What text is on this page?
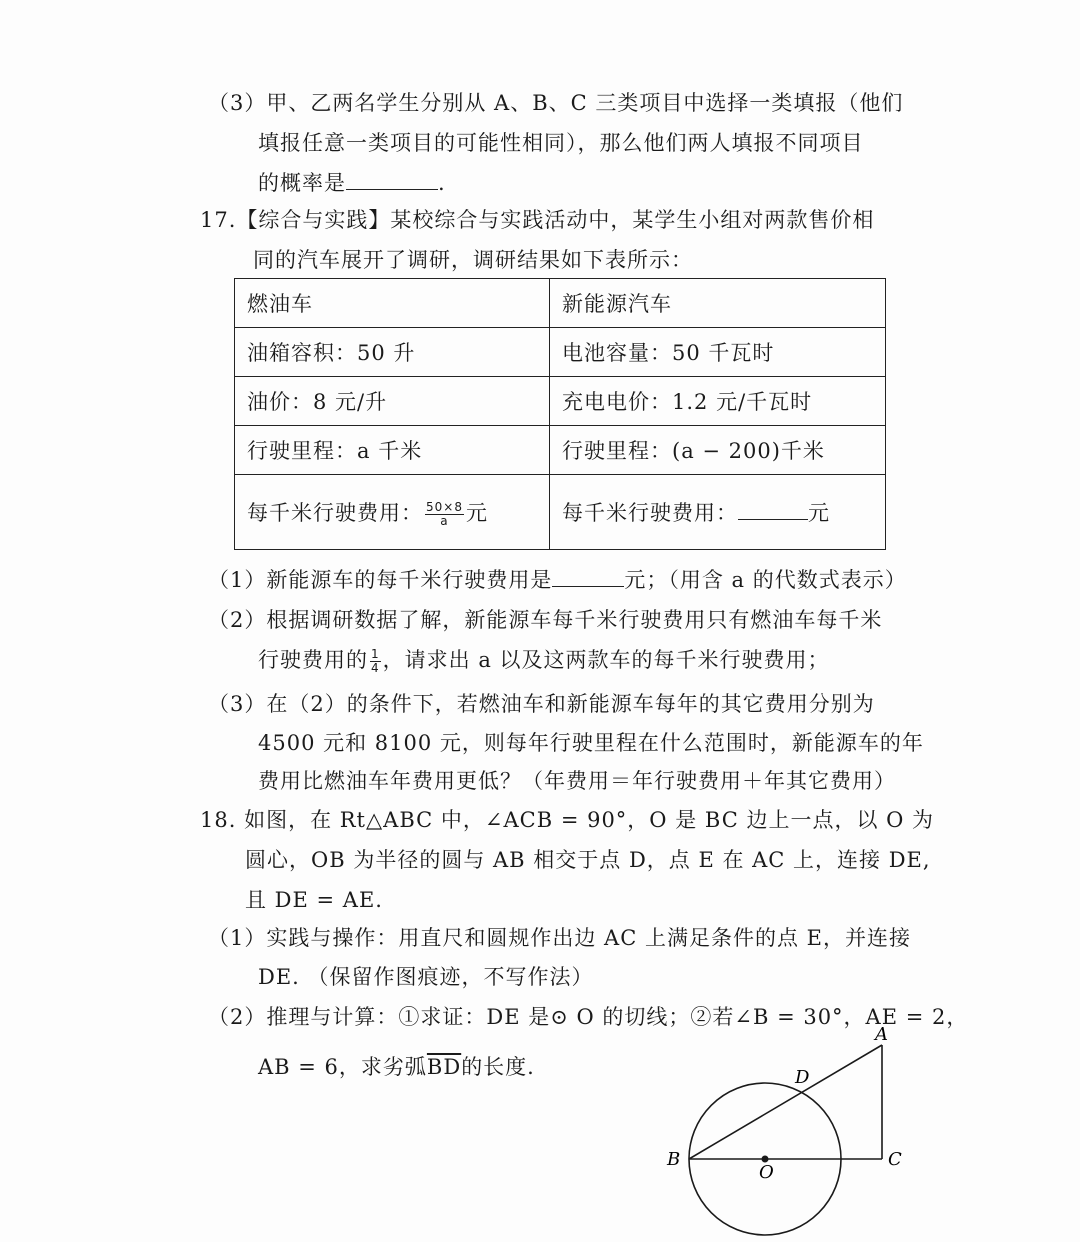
（3）甲、乙两名学生分别从 A、B、C 三类项目中选择一类填报（他们
填报任意一类项目的可能性相同），那么他们两人填报不同项目
的概率是	.
17.【综合与实践】某校综合与实践活动中，某学生小组对两款售价相
同的汽车展开了调研，调研结果如下表所示：
燃油车	新能源汽车
油箱容积：50 升	电池容量：50 千瓦时
油价：8 元/升	充电电价：1.2 元/千瓦时
行驶里程：a 千米	行驶里程：(a − 200)千米
每千米行驶费用： $\frac{50\times 8}{a}$ 元	每千米行驶费用： 元
（1）新能源车的每千米行驶费用是	元；（用含 a 的代数式表示）
（2）根据调研数据了解，新能源车每千米行驶费用只有燃油车每千米
行驶费用的 $\frac{1}{4}$ ，请求出 a 以及这两款车的每千米行驶费用；
（3）在（2）的条件下，若燃油车和新能源车每年的其它费用分别为
4500 元和 8100 元，则每年行驶里程在什么范围时，新能源车的年
费用比燃油车年费用更低？（年费用＝年行驶费用＋年其它费用）
18. 如图，在 Rt△ABC 中，∠ACB = 90°，O 是 BC 边上一点，以 O 为
圆心，OB 为半径的圆与 AB 相交于点 D，点 E 在 AC 上，连接 DE,
且 DE = AE.
（1）实践与操作：用直尺和圆规作出边 AC 上满足条件的点 E，并连接
DE. （保留作图痕迹，不写作法）
（2）推理与计算：①求证：DE 是⊙ O 的切线；②若∠B = 30°，AE = 2，
AB = 6，求劣弧$\overline{BD}$的长度.
A
B	C
D
O
